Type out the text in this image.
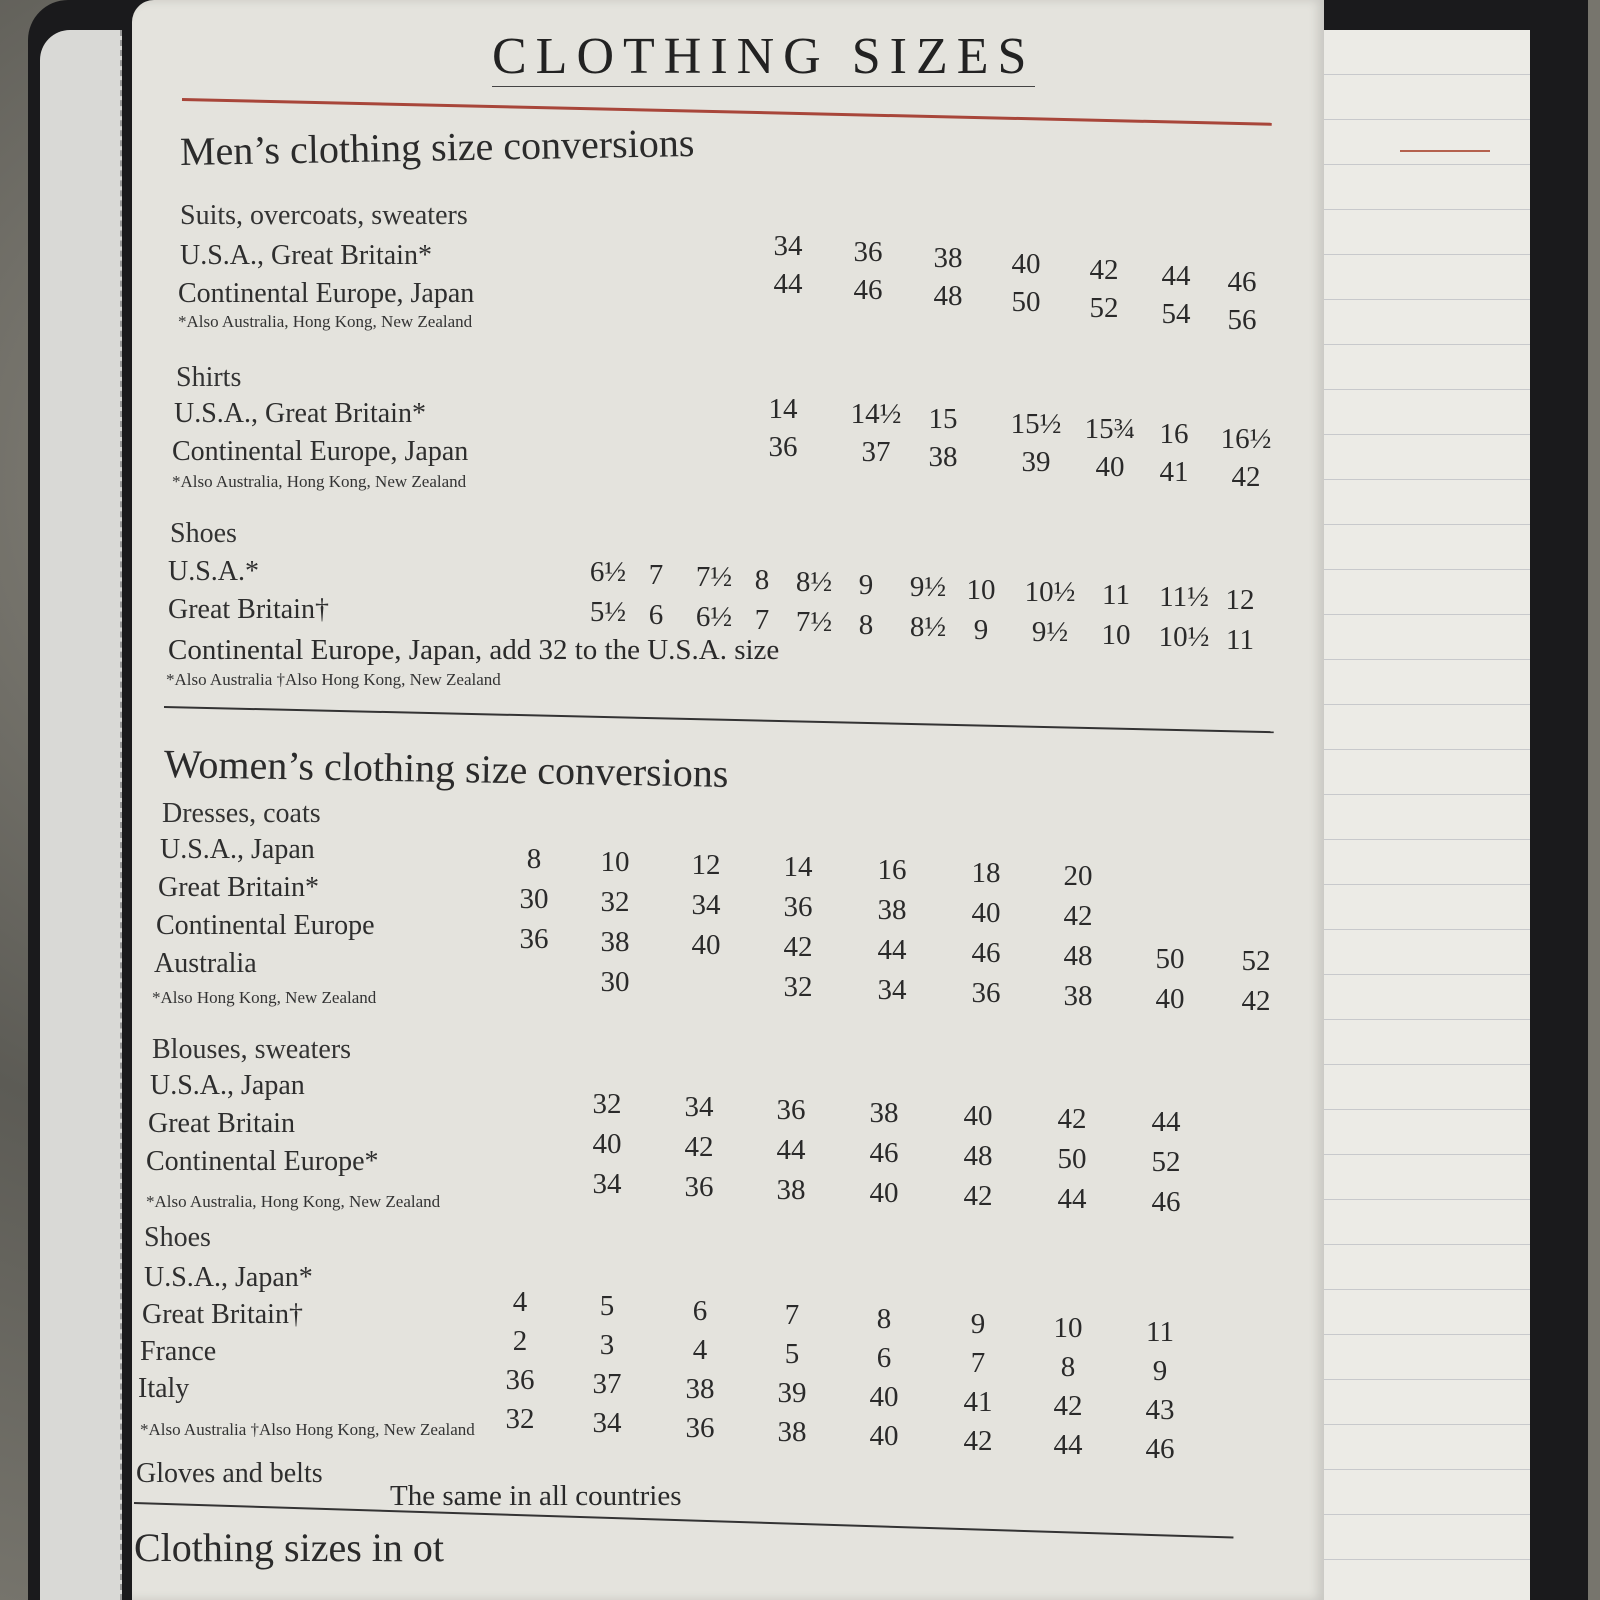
CLOTHING SIZES
Men’s clothing size conversions
Suits, overcoats, sweaters
U.S.A., Great Britain*
Continental Europe, Japan
*Also Australia, Hong Kong, New Zealand
34 36 38 40 42 44 46
44 46 48 50 52 54 56
Shirts
U.S.A., Great Britain*
Continental Europe, Japan
*Also Australia, Hong Kong, New Zealand
14 14½ 15 15½ 15¾ 16 16½
36 37 38 39 40 41 42
Shoes
U.S.A.*
Great Britain†
Continental Europe, Japan, add 32 to the U.S.A. size
*Also Australia †Also Hong Kong, New Zealand
6½ 7 7½ 8 8½ 9 9½ 10 10½ 11 11½ 12
5½ 6 6½ 7 7½ 8 8½ 9 9½ 10 10½ 11
Women’s clothing size conversions
Dresses, coats
U.S.A., Japan
Great Britain*
Continental Europe
Australia
*Also Hong Kong, New Zealand
8
30
36
10
32
38
30
12
34
40
14
36
42
32
16
38
44
34
18
40
46
36
20
42
48
38
50
40
52
42
Blouses, sweaters
U.S.A., Japan
Great Britain
Continental Europe*
*Also Australia, Hong Kong, New Zealand
32
40
34
34
42
36
36
44
38
38
46
40
40
48
42
42
50
44
44
52
46
Shoes
U.S.A., Japan*
Great Britain†
France
Italy
*Also Australia †Also Hong Kong, New Zealand
4
2
36
32
5
3
37
34
6
4
38
36
7
5
39
38
8
6
40
40
9
7
41
42
10
8
42
44
11
9
43
46
Gloves and belts
The same in all countries
Clothing sizes in ot
